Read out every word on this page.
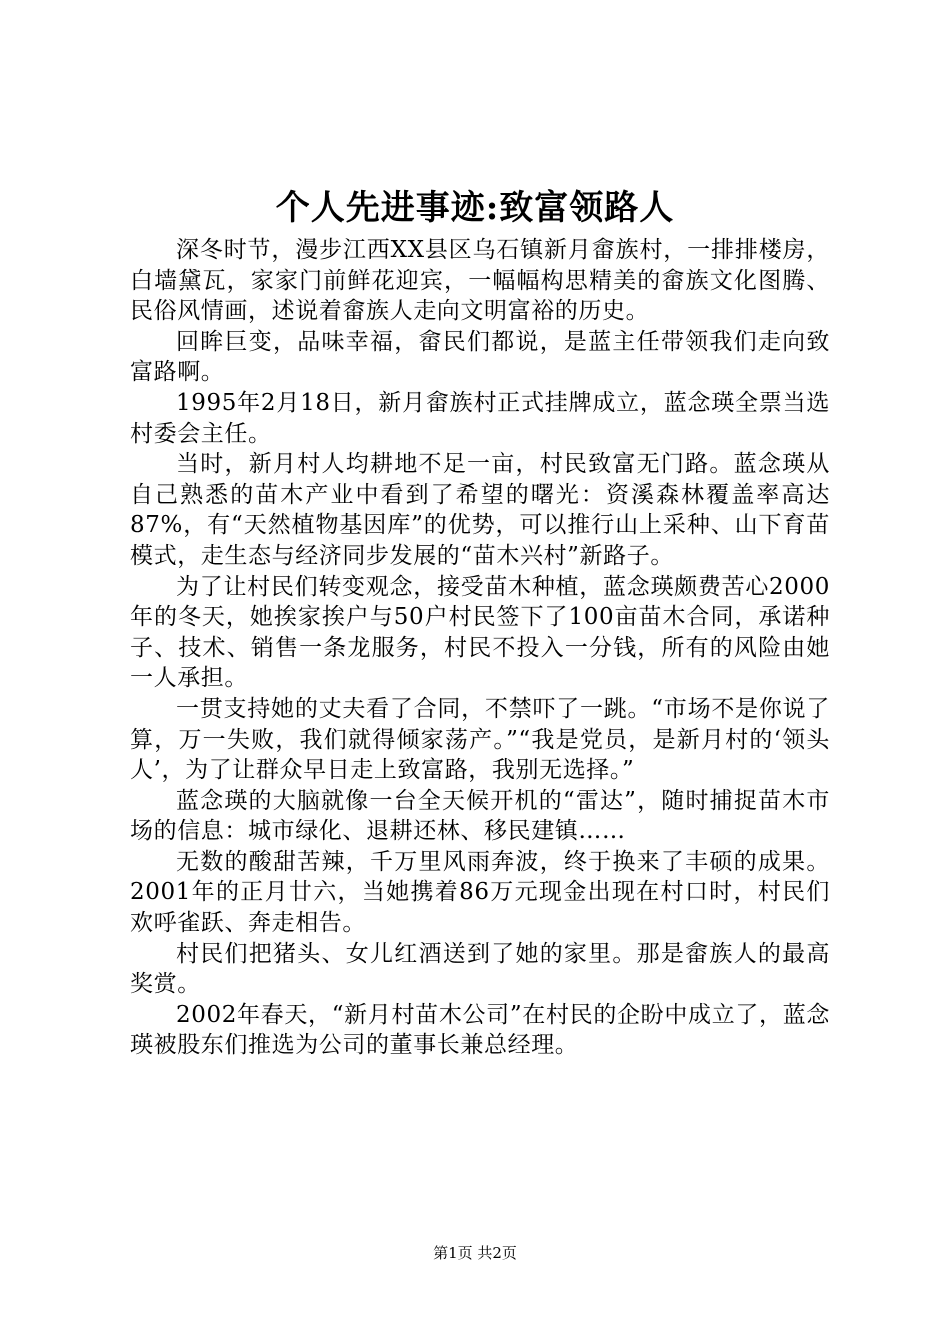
个人先进事迹:致富领路人

深冬时节，漫步江西XX县区乌石镇新月畲族村，一排排楼房，白墙黛瓦，家家门前鲜花迎宾，一幅幅构思精美的畲族文化图腾、民俗风情画，述说着畲族人走向文明富裕的历史。

回眸巨变，品味幸福，畲民们都说，是蓝主任带领我们走向致富路啊。

1995年2月18日，新月畲族村正式挂牌成立，蓝念瑛全票当选村委会主任。

当时，新月村人均耕地不足一亩，村民致富无门路。蓝念瑛从自己熟悉的苗木产业中看到了希望的曙光：资溪森林覆盖率高达87%，有“天然植物基因库”的优势，可以推行山上采种、山下育苗模式，走生态与经济同步发展的“苗木兴村”新路子。

为了让村民们转变观念，接受苗木种植，蓝念瑛颇费苦心2000年的冬天，她挨家挨户与50户村民签下了100亩苗木合同，承诺种子、技术、销售一条龙服务，村民不投入一分钱，所有的风险由她一人承担。

一贯支持她的丈夫看了合同，不禁吓了一跳。“市场不是你说了算，万一失败，我们就得倾家荡产。”“我是党员，是新月村的‘领头人’，为了让群众早日走上致富路，我别无选择。”

蓝念瑛的大脑就像一台全天候开机的“雷达”，随时捕捉苗木市场的信息：城市绿化、退耕还林、移民建镇……

无数的酸甜苦辣，千万里风雨奔波，终于换来了丰硕的成果。2001年的正月廿六，当她携着86万元现金出现在村口时，村民们欢呼雀跃、奔走相告。

村民们把猪头、女儿红酒送到了她的家里。那是畲族人的最高奖赏。

2002年春天，“新月村苗木公司”在村民的企盼中成立了，蓝念瑛被股东们推选为公司的董事长兼总经理。

第1页 共2页
